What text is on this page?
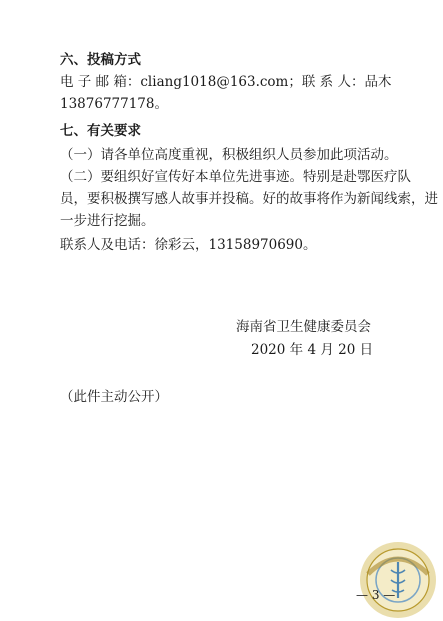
六、投稿方式
电 子 邮 箱： cliang1018@163.com； 联 系 人： 品 木
13876777178。
七、有关要求
（一）请各单位高度重视，积极组织人员参加此项活动。
（二）要组织好宣传好本单位先进事迹。特别是赴鄂医疗队
员，要积极撰写感人故事并投稿。好的故事将作为新闻线索，进
一步进行挖掘。
联系人及电话：徐彩云，13158970690。
海南省卫生健康委员会
2020 年 4 月 20 日
（此件主动公开）
— 3 —
